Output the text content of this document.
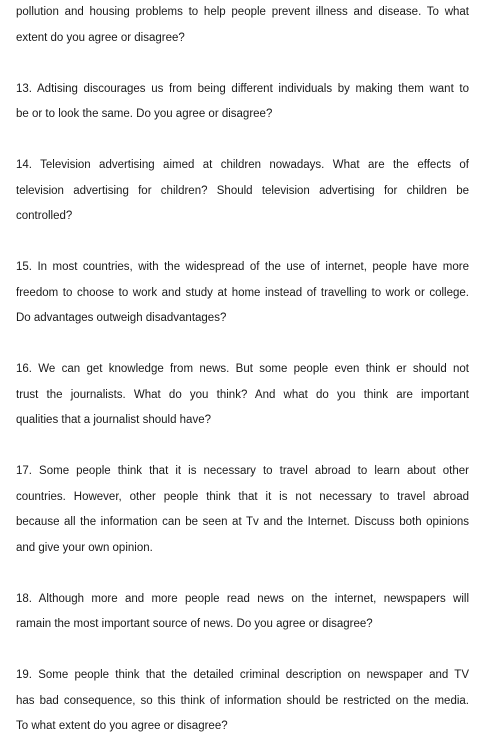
pollution and housing problems to help people prevent illness and disease. To what
extent do you agree or disagree?
13. Adtising discourages us from being different individuals by making them want to
be or to look the same. Do you agree or disagree?
14. Television advertising aimed at children nowadays. What are the effects of
television advertising for children? Should television advertising for children be
controlled?
15. In most countries, with the widespread of the use of internet, people have more
freedom to choose to work and study at home instead of travelling to work or college.
Do advantages outweigh disadvantages?
16. We can get knowledge from news. But some people even think er should not
trust the journalists. What do you think? And what do you think are important
qualities that a journalist should have?
17. Some people think that it is necessary to travel abroad to learn about other
countries. However, other people think that it is not necessary to travel abroad
because all the information can be seen at Tv and the Internet. Discuss both opinions
and give your own opinion.
18. Although more and more people read news on the internet, newspapers will
ramain the most important source of news. Do you agree or disagree?
19. Some people think that the detailed criminal description on newspaper and TV
has bad consequence, so this think of information should be restricted on the media.
To what extent do you agree or disagree?
